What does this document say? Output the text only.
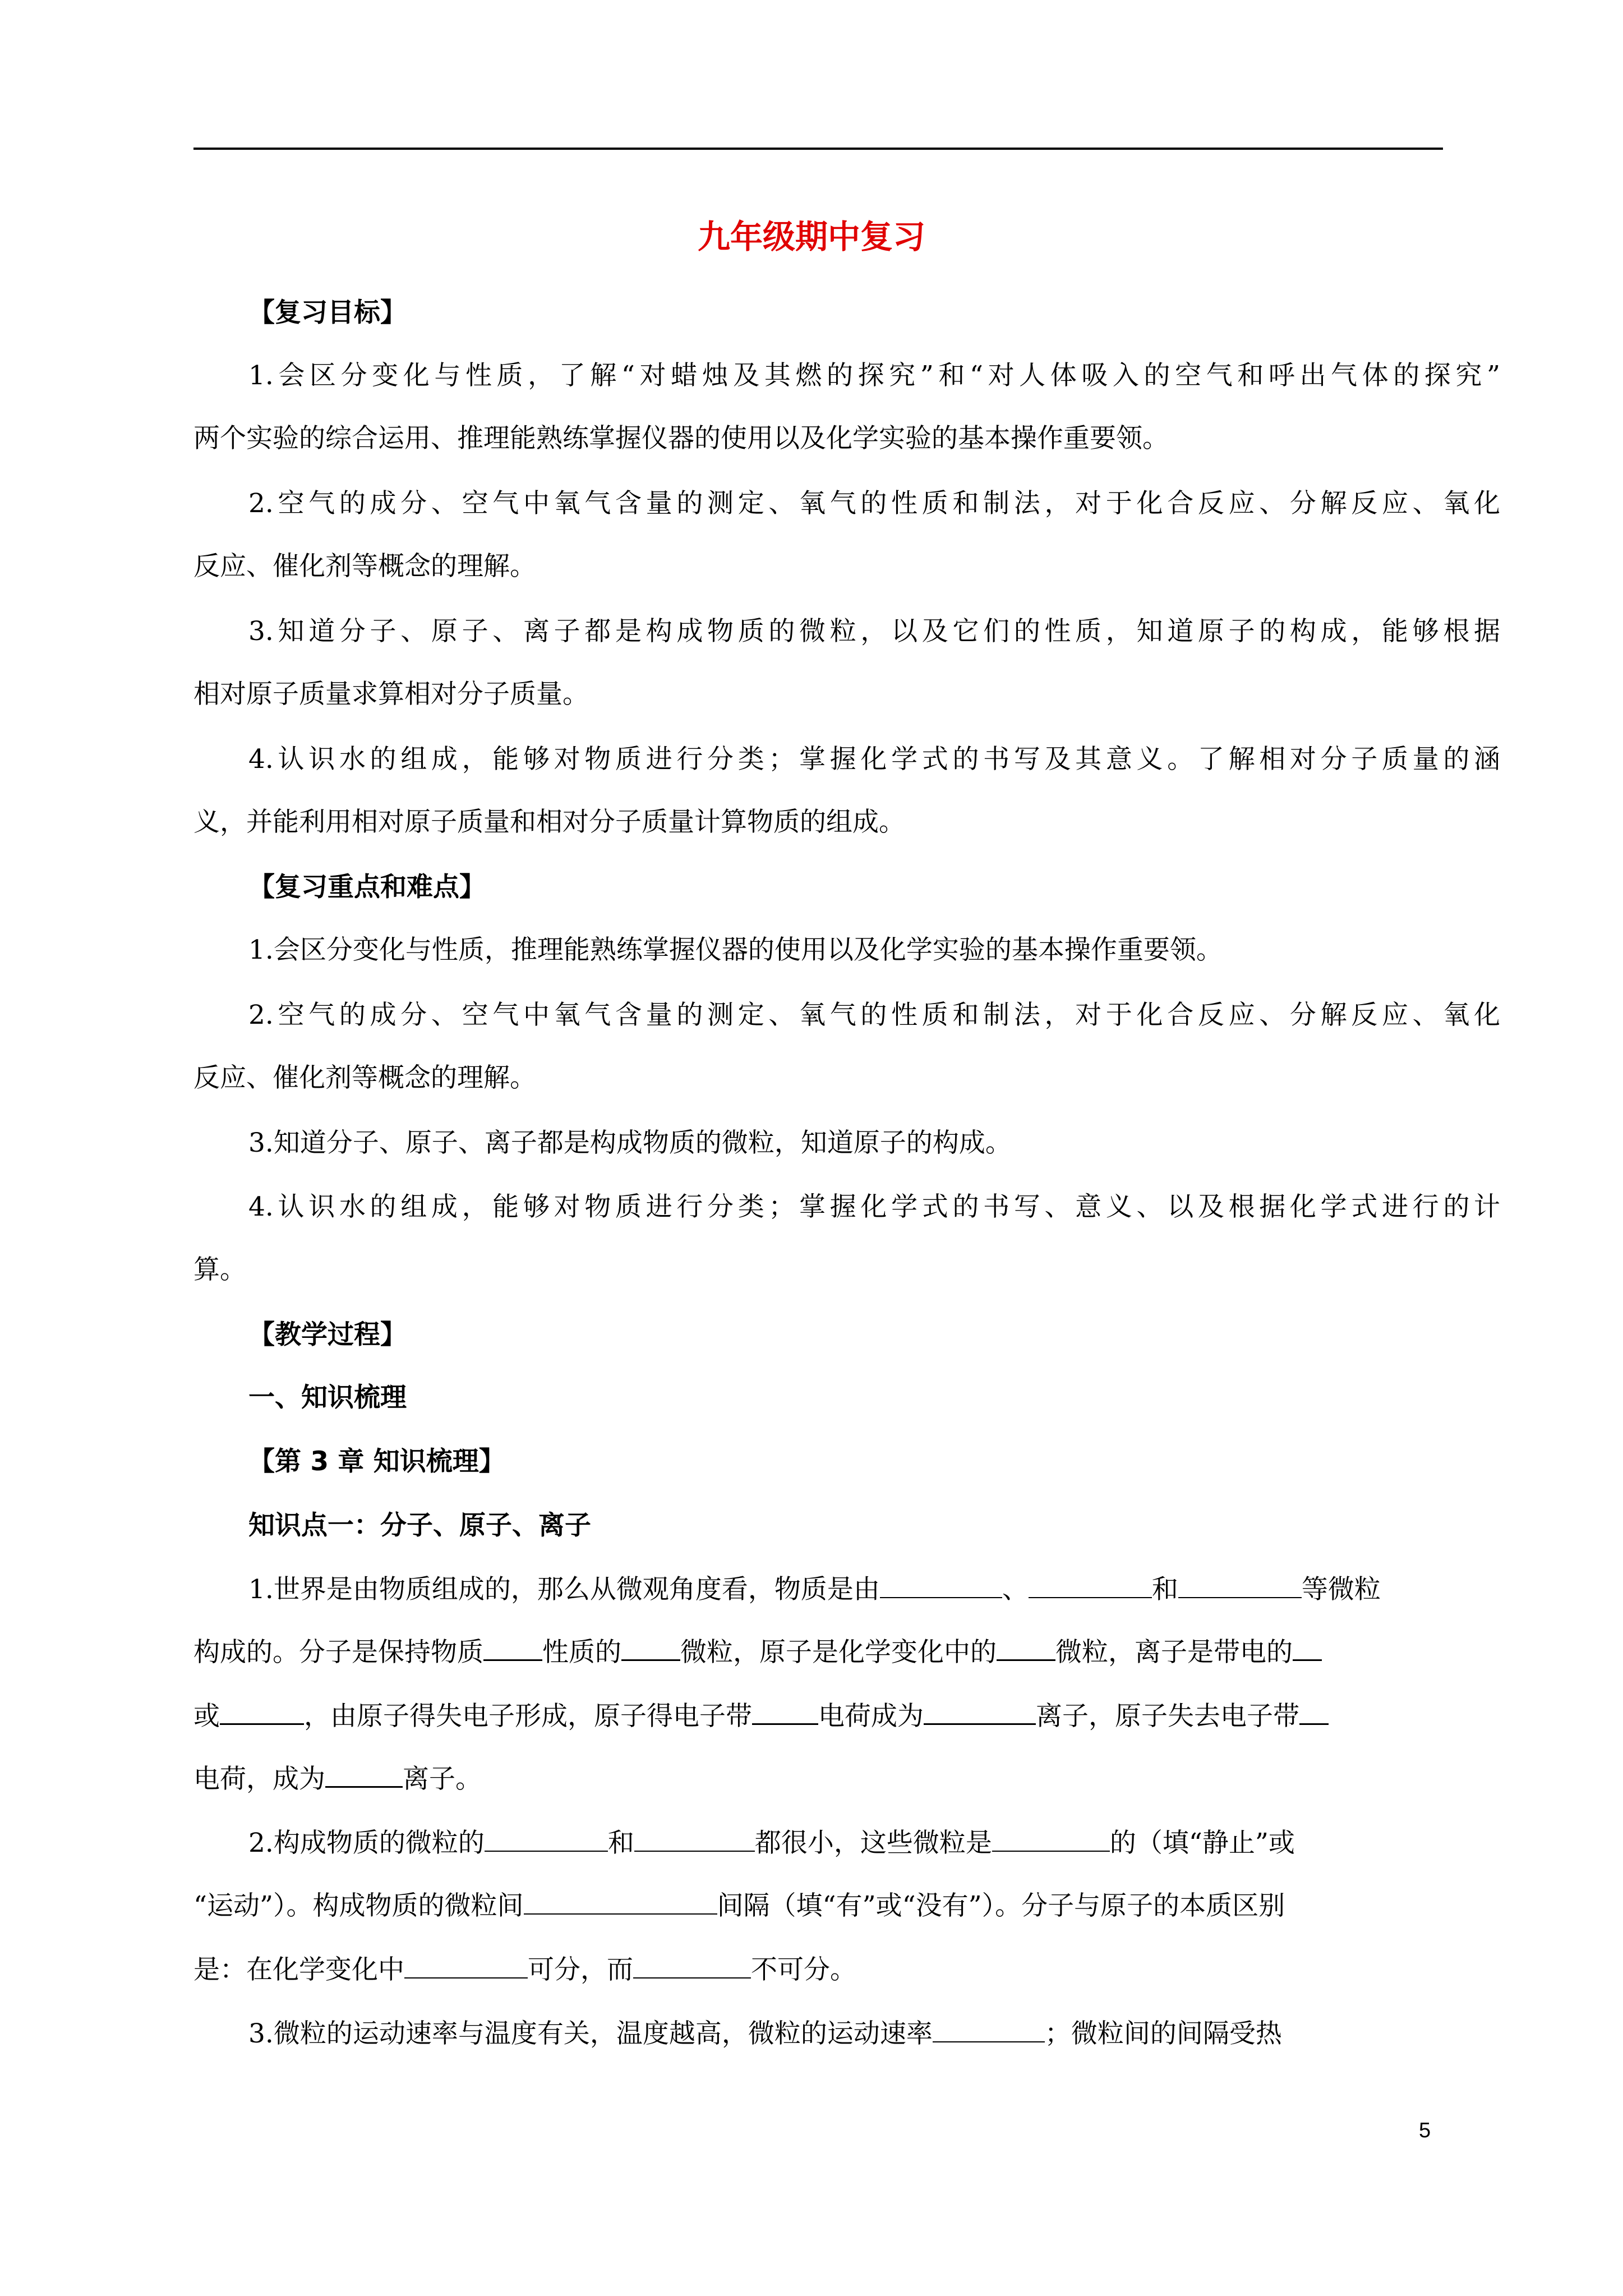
九年级期中复习
【复习目标】
1.会区分变化与性质，了解“对蜡烛及其燃的探究”和“对人体吸入的空气和呼出气体的探究”
两个实验的综合运用、推理能熟练掌握仪器的使用以及化学实验的基本操作重要领。
2.空气的成分、空气中氧气含量的测定、氧气的性质和制法，对于化合反应、分解反应、氧化
反应、催化剂等概念的理解。
3.知道分子、原子、离子都是构成物质的微粒，以及它们的性质，知道原子的构成，能够根据
相对原子质量求算相对分子质量。
4.认识水的组成，能够对物质进行分类；掌握化学式的书写及其意义。了解相对分子质量的涵
义，并能利用相对原子质量和相对分子质量计算物质的组成。
【复习重点和难点】
1.会区分变化与性质，推理能熟练掌握仪器的使用以及化学实验的基本操作重要领。
2.空气的成分、空气中氧气含量的测定、氧气的性质和制法，对于化合反应、分解反应、氧化
反应、催化剂等概念的理解。
3.知道分子、原子、离子都是构成物质的微粒，知道原子的构成。
4.认识水的组成，能够对物质进行分类；掌握化学式的书写、意义、以及根据化学式进行的计
算。
【教学过程】
一、知识梳理
【第 3 章 知识梳理】
知识点一：分子、原子、离子
1.世界是由物质组成的，那么从微观角度看，物质是由	、	和	等微粒
构成的。分子是保持物质 性质的 微粒，原子是化学变化中的 微粒，离子是带电的
或	，由原子得失电子形成，原子得电子带	电荷成为	离子，原子失去电子带
电荷，成为	离子。
2.构成物质的微粒的	和	都很小，这些微粒是	的（填“静止”或
“运动”）。构成物质的微粒间	间隔（填“有”或“没有”）。分子与原子的本质区别
是：在化学变化中	可分，而	不可分。
3.微粒的运动速率与温度有关，温度越高，微粒的运动速率	；微粒间的间隔受热
5
